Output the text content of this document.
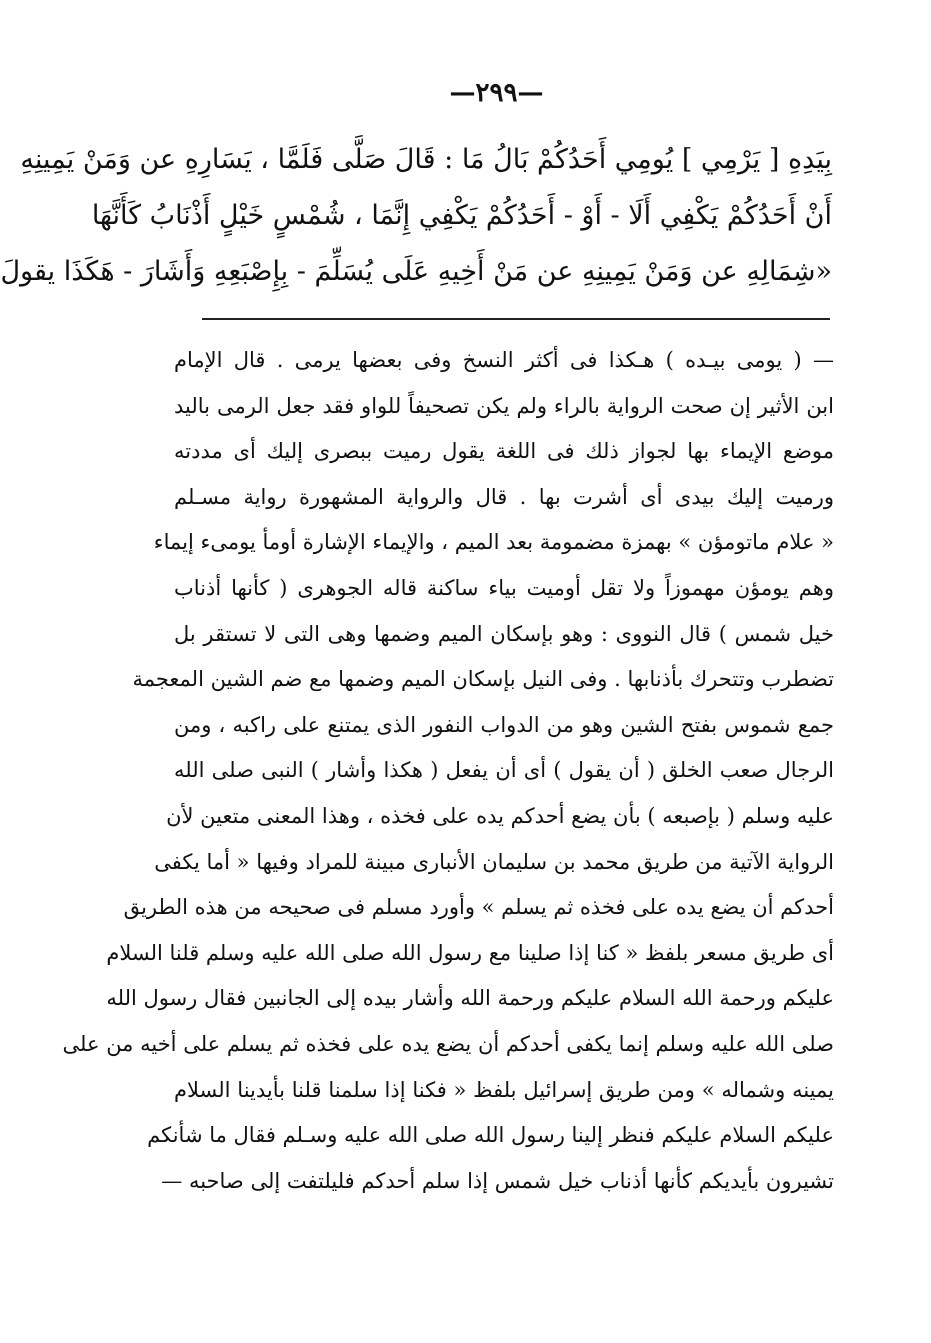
—٢٩٩—
بِيَدِهِ [ يَرْمِي ] يُومِي أَحَدُكُمْ بَالُ مَا : قَالَ صَلَّى فَلَمَّا ، يَسَارِهِ عن وَمَنْ يَمِينِهِ
أَنْ أَحَدُكُمْ يَكْفِي أَلَا - أَوْ - أَحَدُكُمْ يَكْفِي إِنَّمَا ، شُمْسٍ خَيْلٍ أَذْنَابُ كَأَنَّهَا
«شِمَالِهِ عن وَمَنْ يَمِينِهِ عن مَنْ أَخِيهِ عَلَى يُسَلِّمَ - بِإِصْبَعِهِ وَأَشَارَ - هَكَذَا يقولَ
— ( يومى بيـده ) هـكذا فى أكثر النسخ وفى بعضها يرمى . قال الإمام
ابن الأثير إن صحت الرواية بالراء ولم يكن تصحيفاً للواو فقد جعل الرمى باليد
موضع الإيماء بها لجواز ذلك فى اللغة يقول رميت ببصرى إليك أى مددته
ورميت إليك بيدى أى أشرت بها . قال والرواية المشهورة رواية مسـلم
« علام ماتومؤن » بهمزة مضمومة بعد الميم ، والإيماء الإشارة أومأ يومىء إيماء
وهم يومؤن مهموزاً ولا تقل أوميت بياء ساكنة قاله الجوهرى ( كأنها أذناب
خيل شمس ) قال النووى : وهو بإسكان الميم وضمها وهى التى لا تستقر بل
تضطرب وتتحرك بأذنابها . وفى النيل بإسكان الميم وضمها مع ضم الشين المعجمة
جمع شموس بفتح الشين وهو من الدواب النفور الذى يمتنع على راكبه ، ومن
الرجال صعب الخلق ( أن يقول ) أى أن يفعل ( هكذا وأشار ) النبى صلى الله
عليه وسلم ( بإصبعه ) بأن يضع أحدكم يده على فخذه ، وهذا المعنى متعين لأن
الرواية الآتية من طريق محمد بن سليمان الأنبارى مبينة للمراد وفيها « أما يكفى
أحدكم أن يضع يده على فخذه ثم يسلم » وأورد مسلم فى صحيحه من هذه الطريق
أى طريق مسعر بلفظ « كنا إذا صلينا مع رسول الله صلى الله عليه وسلم قلنا السلام
عليكم ورحمة الله السلام عليكم ورحمة الله وأشار بيده إلى الجانبين فقال رسول الله
صلى الله عليه وسلم إنما يكفى أحدكم أن يضع يده على فخذه ثم يسلم على أخيه من على
يمينه وشماله » ومن طريق إسرائيل بلفظ « فكنا إذا سلمنا قلنا بأيدينا السلام
عليكم السلام عليكم فنظر إلينا رسول الله صلى الله عليه وسـلم فقال ما شأنكم
تشيرون بأيديكم كأنها أذناب خيل شمس إذا سلم أحدكم فليلتفت إلى صاحبه —
